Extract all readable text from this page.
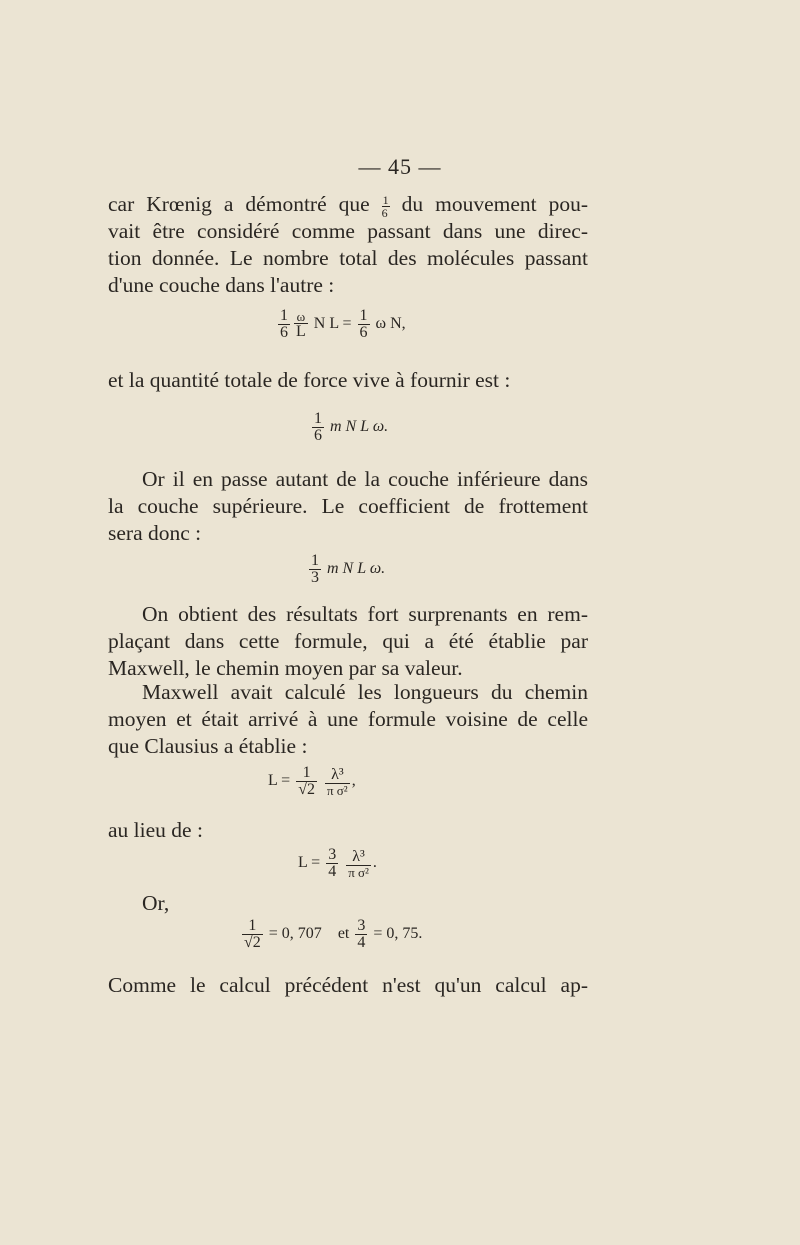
— 45 —
car Krœnig a démontré que $\frac{1}{6}$ du mouvement pou-
vait être considéré comme passant dans une direc-
tion donnée. Le nombre total des molécules passant
d'une couche dans l'autre :
$\frac{1}{6} \frac{\omega}{L}$ N $L = \frac{1}{6}$ ω N,
et la quantité totale de force vive à fournir est :
$\frac{1}{6}$ m N L ω.
Or il en passe autant de la couche inférieure dans
la couche supérieure. Le coefficient de frottement
sera donc :
$\frac{1}{3}$ m N L ω.
On obtient des résultats fort surprenants en rem-
plaçant dans cette formule, qui a été établie par
Maxwell, le chemin moyen par sa valeur.
Maxwell avait calculé les longueurs du chemin
moyen et était arrivé à une formule voisine de celle
que Clausius a établie :
$L = \frac{1}{√2}$
$\frac{\text{λ³}}{\text{π σ²}}$ ,
au lieu de :
$L = \frac{3}{4}$
$\frac{\text{λ³}}{\text{π σ²}}$ .
Or,
$\frac{1}{√2} = 0$, 707 et $\frac{3}{4} = 0$, 75.
Comme le calcul précédent n'est qu'un calcul ap-
